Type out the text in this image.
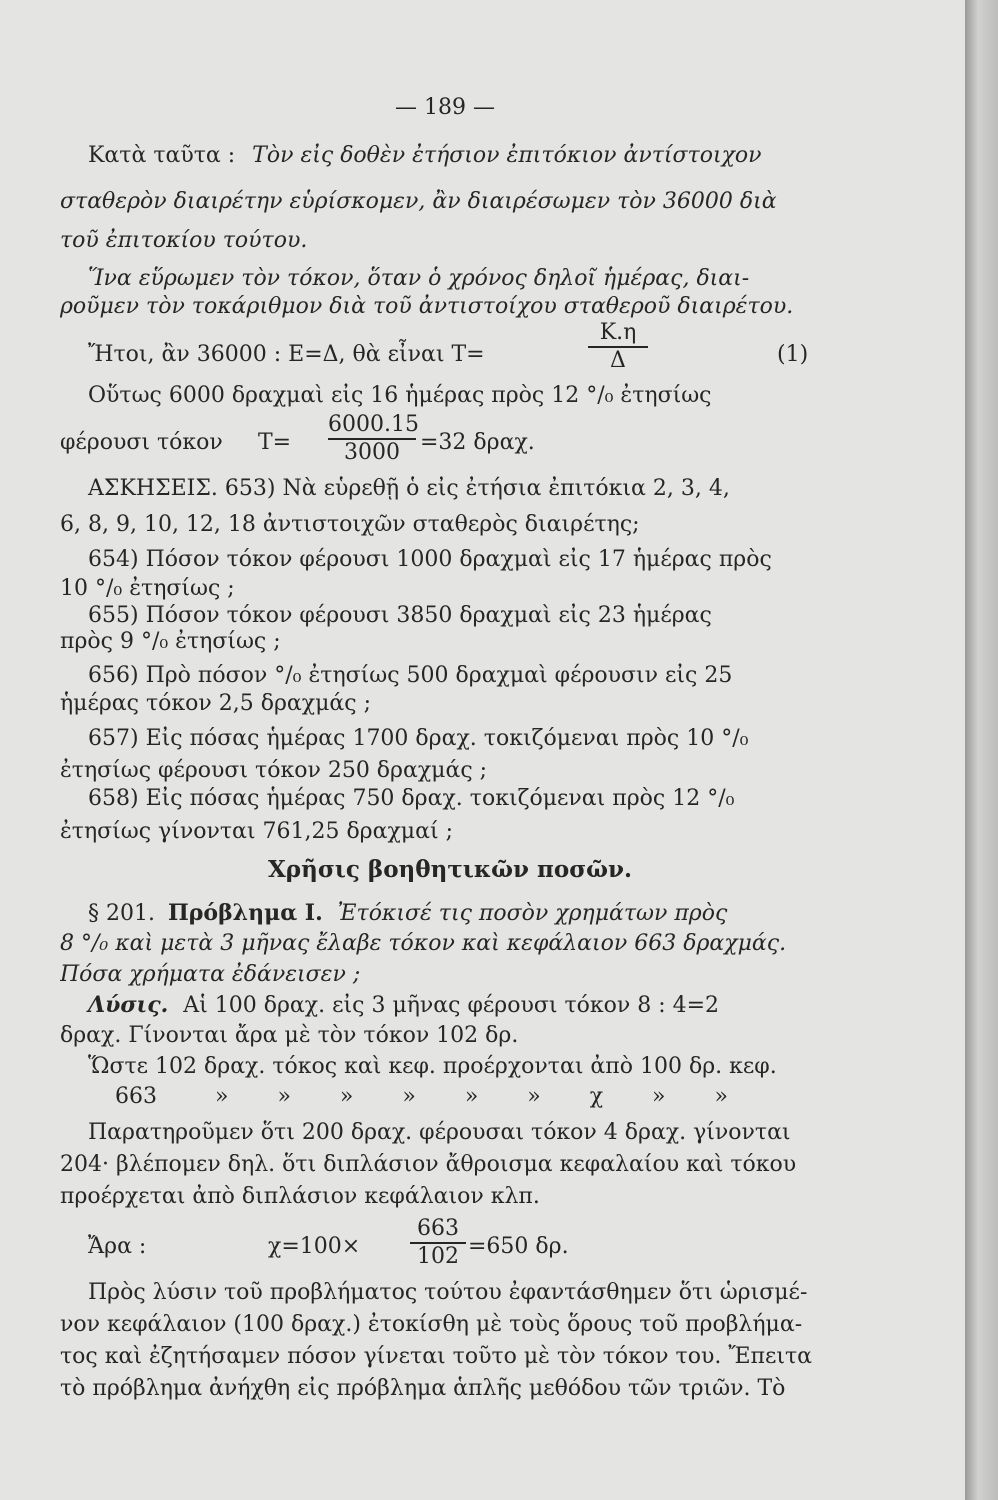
— 189 —
Κατὰ ταῦτα : Τὸν εἰς δοθὲν ἐτήσιον ἐπιτόκιον ἀντίστοιχον
σταθερὸν διαιρέτην εὑρίσκομεν, ἂν διαιρέσωμεν τὸν 36000 διὰ
τοῦ ἐπιτοκίου τούτου.
Ἵνα εὕρωμεν τὸν τόκον, ὅταν ὁ χρόνος δηλοῖ ἡμέρας, διαι-
ροῦμεν τὸν τοκάριθμον διὰ τοῦ ἀντιστοίχου σταθεροῦ διαιρέτου.
Ἤτοι, ἂν 36000 : Ε=Δ, θὰ εἶναι Τ=	$\frac{K.\eta}{\Delta}$	(1)
Οὕτως 6000 δραχμαὶ εἰς 16 ἡμέρας πρὸς 12 °/₀ ἐτησίως
φέρουσι τόκον $T= \frac{6000.15}{3000} =32$ δραχ.
ΑΣΚΗΣΕΙΣ. 653) Νὰ εὑρεθῇ ὁ εἰς ἐτήσια ἐπιτόκια 2, 3, 4,
6, 8, 9, 10, 12, 18 ἀντιστοιχῶν σταθερὸς διαιρέτης;
654) Πόσον τόκον φέρουσι 1000 δραχμαὶ εἰς 17 ἡμέρας πρὸς
10 °/₀ ἐτησίως ;
655) Πόσον τόκον φέρουσι 3850 δραχμαὶ εἰς 23 ἡμέρας
πρὸς 9 °/₀ ἐτησίως ;
656) Πρὸ πόσον °/₀ ἐτησίως 500 δραχμαὶ φέρουσιν εἰς 25
ἡμέρας τόκον 2,5 δραχμάς ;
657) Εἰς πόσας ἡμέρας 1700 δραχ. τοκιζόμεναι πρὸς 10 °/₀
ἐτησίως φέρουσι τόκον 250 δραχμάς ;
658) Εἰς πόσας ἡμέρας 750 δραχ. τοκιζόμεναι πρὸς 12 °/₀
ἐτησίως γίνονται 761,25 δραχμαί ;
Χρῆσις βοηθητικῶν ποσῶν.
§ 201. Πρόβλημα Ι. Ἐτόκισέ τις ποσὸν χρημάτων πρὸς
8 °/₀ καὶ μετὰ 3 μῆνας ἔλαβε τόκον καὶ κεφάλαιον 663 δραχμάς.
Πόσα χρήματα ἐδάνεισεν ;
Λύσις. Αἱ 100 δραχ. εἰς 3 μῆνας φέρουσι τόκον 8 : 4=2
δραχ. Γίνονται ἄρα μὲ τὸν τόκον 102 δρ.
Ὥστε 102 δραχ. τόκος καὶ κεφ. προέρχονται ἀπὸ 100 δρ. κεφ.
663	» » » » » » χ » »
Παρατηροῦμεν ὅτι 200 δραχ. φέρουσαι τόκον 4 δραχ. γίνονται
204· βλέπομεν δηλ. ὅτι διπλάσιον ἄθροισμα κεφαλαίου καὶ τόκου
προέρχεται ἀπὸ διπλάσιον κεφάλαιον κλπ.
Ἄρα :	$\chi=100\times \frac{663}{102} =650$ δρ.
Πρὸς λύσιν τοῦ προβλήματος τούτου ἐφαντάσθημεν ὅτι ὡρισμέ-
νον κεφάλαιον (100 δραχ.) ἐτοκίσθη μὲ τοὺς ὅρους τοῦ προβλήμα-
τος καὶ ἐζητήσαμεν πόσον γίνεται τοῦτο μὲ τὸν τόκον του. Ἔπειτα
τὸ πρόβλημα ἀνήχθη εἰς πρόβλημα ἁπλῆς μεθόδου τῶν τριῶν. Τὸ
